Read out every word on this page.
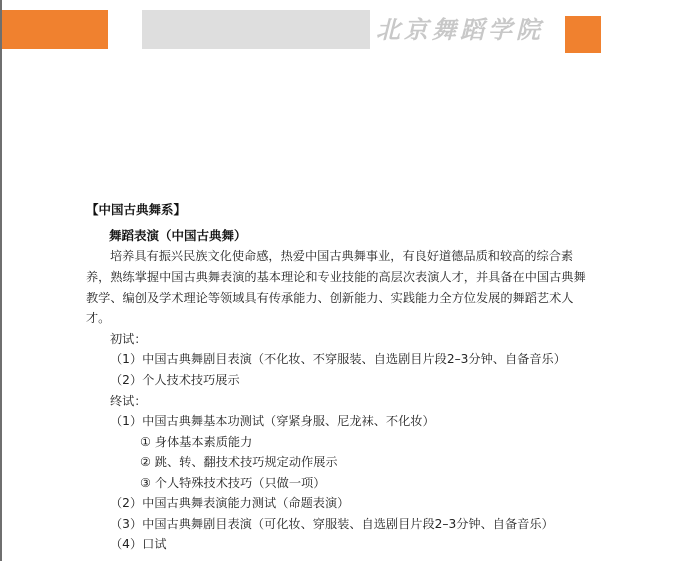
北京舞蹈学院
【中国古典舞系】
舞蹈表演（中国古典舞）
培养具有振兴民族文化使命感，热爱中国古典舞事业，有良好道德品质和较高的综合素
养，熟练掌握中国古典舞表演的基本理论和专业技能的高层次表演人才，并具备在中国古典舞
教学、编创及学术理论等领域具有传承能力、创新能力、实践能力全方位发展的舞蹈艺术人
才。
初试：
（1）中国古典舞剧目表演（不化妆、不穿服装、自选剧目片段2–3分钟、自备音乐）
（2）个人技术技巧展示
终试：
（1）中国古典舞基本功测试（穿紧身服、尼龙袜、不化妆）
① 身体基本素质能力
② 跳、转、翻技术技巧规定动作展示
③ 个人特殊技术技巧（只做一项）
（2）中国古典舞表演能力测试（命题表演）
（3）中国古典舞剧目表演（可化妆、穿服装、自选剧目片段2–3分钟、自备音乐）
（4）口试
